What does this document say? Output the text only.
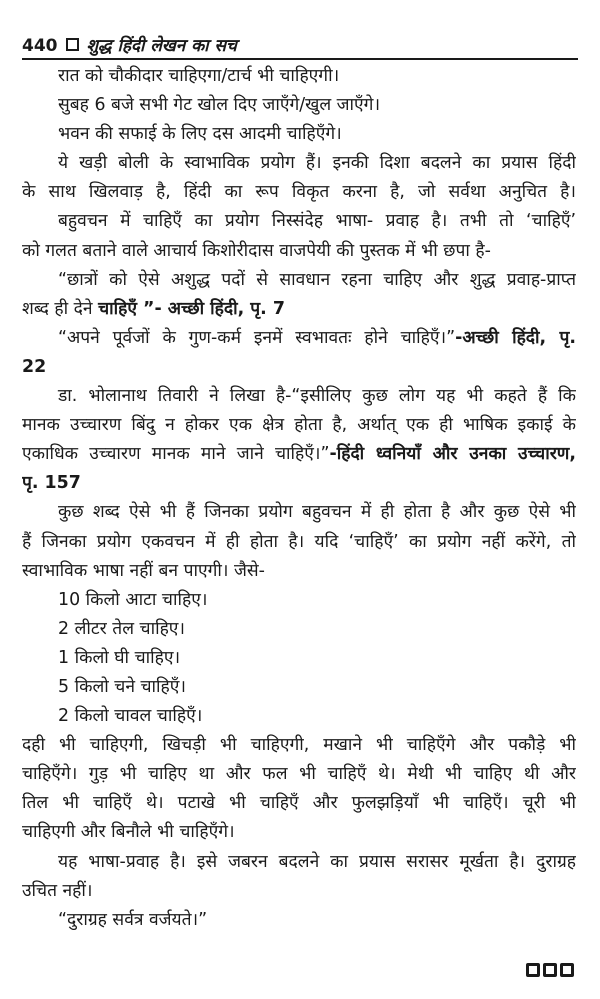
440 शुद्ध हिंदी लेखन का सच
रात को चौकीदार चाहिएगा/टार्च भी चाहिएगी।
सुबह 6 बजे सभी गेट खोल दिए जाएँगे/खुल जाएँगे।
भवन की सफाई के लिए दस आदमी चाहिएँगे।
ये खड़ी बोली के स्वाभाविक प्रयोग हैं। इनकी दिशा बदलने का प्रयास हिंदी
के साथ खिलवाड़ है, हिंदी का रूप विकृत करना है, जो सर्वथा अनुचित है।
बहुवचन में चाहिएँ का प्रयोग निस्संदेह भाषा- प्रवाह है। तभी तो ‘चाहिएँ’
को गलत बताने वाले आचार्य किशोरीदास वाजपेयी की पुस्तक में भी छपा है-
“छात्रों को ऐसे अशुद्ध पदों से सावधान रहना चाहिए और शुद्ध प्रवाह-प्राप्त
शब्द ही देने चाहिएँ ”- अच्छी हिंदी, पृ. 7
“अपने पूर्वजों के गुण-कर्म इनमें स्वभावतः होने चाहिएँ।”-अच्छी हिंदी, पृ.
22
डा. भोलानाथ तिवारी ने लिखा है-“इसीलिए कुछ लोग यह भी कहते हैं कि
मानक उच्चारण बिंदु न होकर एक क्षेत्र होता है, अर्थात् एक ही भाषिक इकाई के
एकाधिक उच्चारण मानक माने जाने चाहिएँ।”-हिंदी ध्वनियाँ और उनका उच्चारण,
पृ. 157
कुछ शब्द ऐसे भी हैं जिनका प्रयोग बहुवचन में ही होता है और कुछ ऐसे भी
हैं जिनका प्रयोग एकवचन में ही होता है। यदि ‘चाहिएँ’ का प्रयोग नहीं करेंगे, तो
स्वाभाविक भाषा नहीं बन पाएगी। जैसे-
10 किलो आटा चाहिए।
2 लीटर तेल चाहिए।
1 किलो घी चाहिए।
5 किलो चने चाहिएँ।
2 किलो चावल चाहिएँ।
दही भी चाहिएगी, खिचड़ी भी चाहिएगी, मखाने भी चाहिएँगे और पकौड़े भी
चाहिएँगे। गुड़ भी चाहिए था और फल भी चाहिएँ थे। मेथी भी चाहिए थी और
तिल भी चाहिएँ थे। पटाखे भी चाहिएँ और फुलझड़ियाँ भी चाहिएँ। चूरी भी
चाहिएगी और बिनौले भी चाहिएँगे।
यह भाषा-प्रवाह है। इसे जबरन बदलने का प्रयास सरासर मूर्खता है। दुराग्रह
उचित नहीं।
“दुराग्रह सर्वत्र वर्जयते।”
